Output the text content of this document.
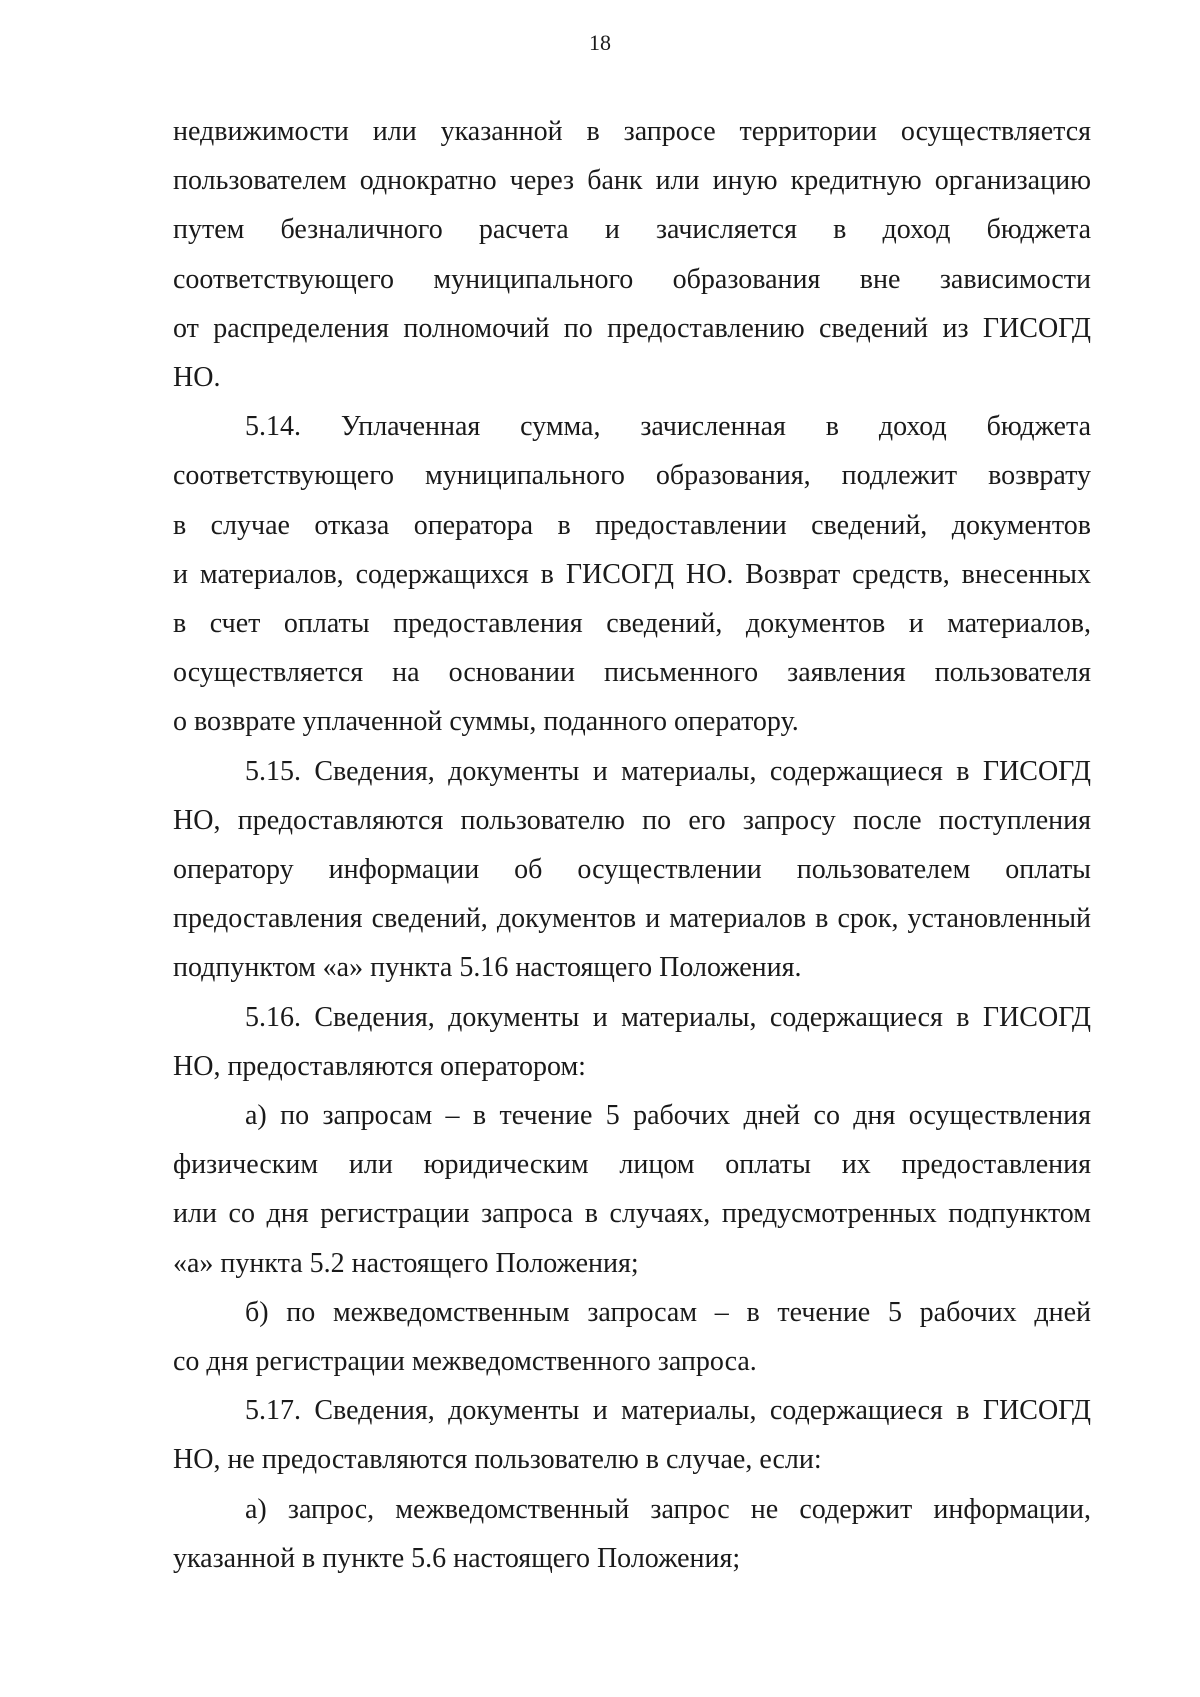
18
недвижимости или указанной в запросе территории осуществляется
пользователем однократно через банк или иную кредитную организацию
путем безналичного расчета и зачисляется в доход бюджета
соответствующего муниципального образования вне зависимости
от распределения полномочий по предоставлению сведений из ГИСОГД
НО.
5.14. Уплаченная сумма, зачисленная в доход бюджета
соответствующего муниципального образования, подлежит возврату
в случае отказа оператора в предоставлении сведений, документов
и материалов, содержащихся в ГИСОГД НО. Возврат средств, внесенных
в счет оплаты предоставления сведений, документов и материалов,
осуществляется на основании письменного заявления пользователя
о возврате уплаченной суммы, поданного оператору.
5.15. Сведения, документы и материалы, содержащиеся в ГИСОГД
НО, предоставляются пользователю по его запросу после поступления
оператору информации об осуществлении пользователем оплаты
предоставления сведений, документов и материалов в срок, установленный
подпунктом «а» пункта 5.16 настоящего Положения.
5.16. Сведения, документы и материалы, содержащиеся в ГИСОГД
НО, предоставляются оператором:
а) по запросам – в течение 5 рабочих дней со дня осуществления
физическим или юридическим лицом оплаты их предоставления
или со дня регистрации запроса в случаях, предусмотренных подпунктом
«а» пункта 5.2 настоящего Положения;
б) по межведомственным запросам – в течение 5 рабочих дней
со дня регистрации межведомственного запроса.
5.17. Сведения, документы и материалы, содержащиеся в ГИСОГД
НО, не предоставляются пользователю в случае, если:
а) запрос, межведомственный запрос не содержит информации,
указанной в пункте 5.6 настоящего Положения;
